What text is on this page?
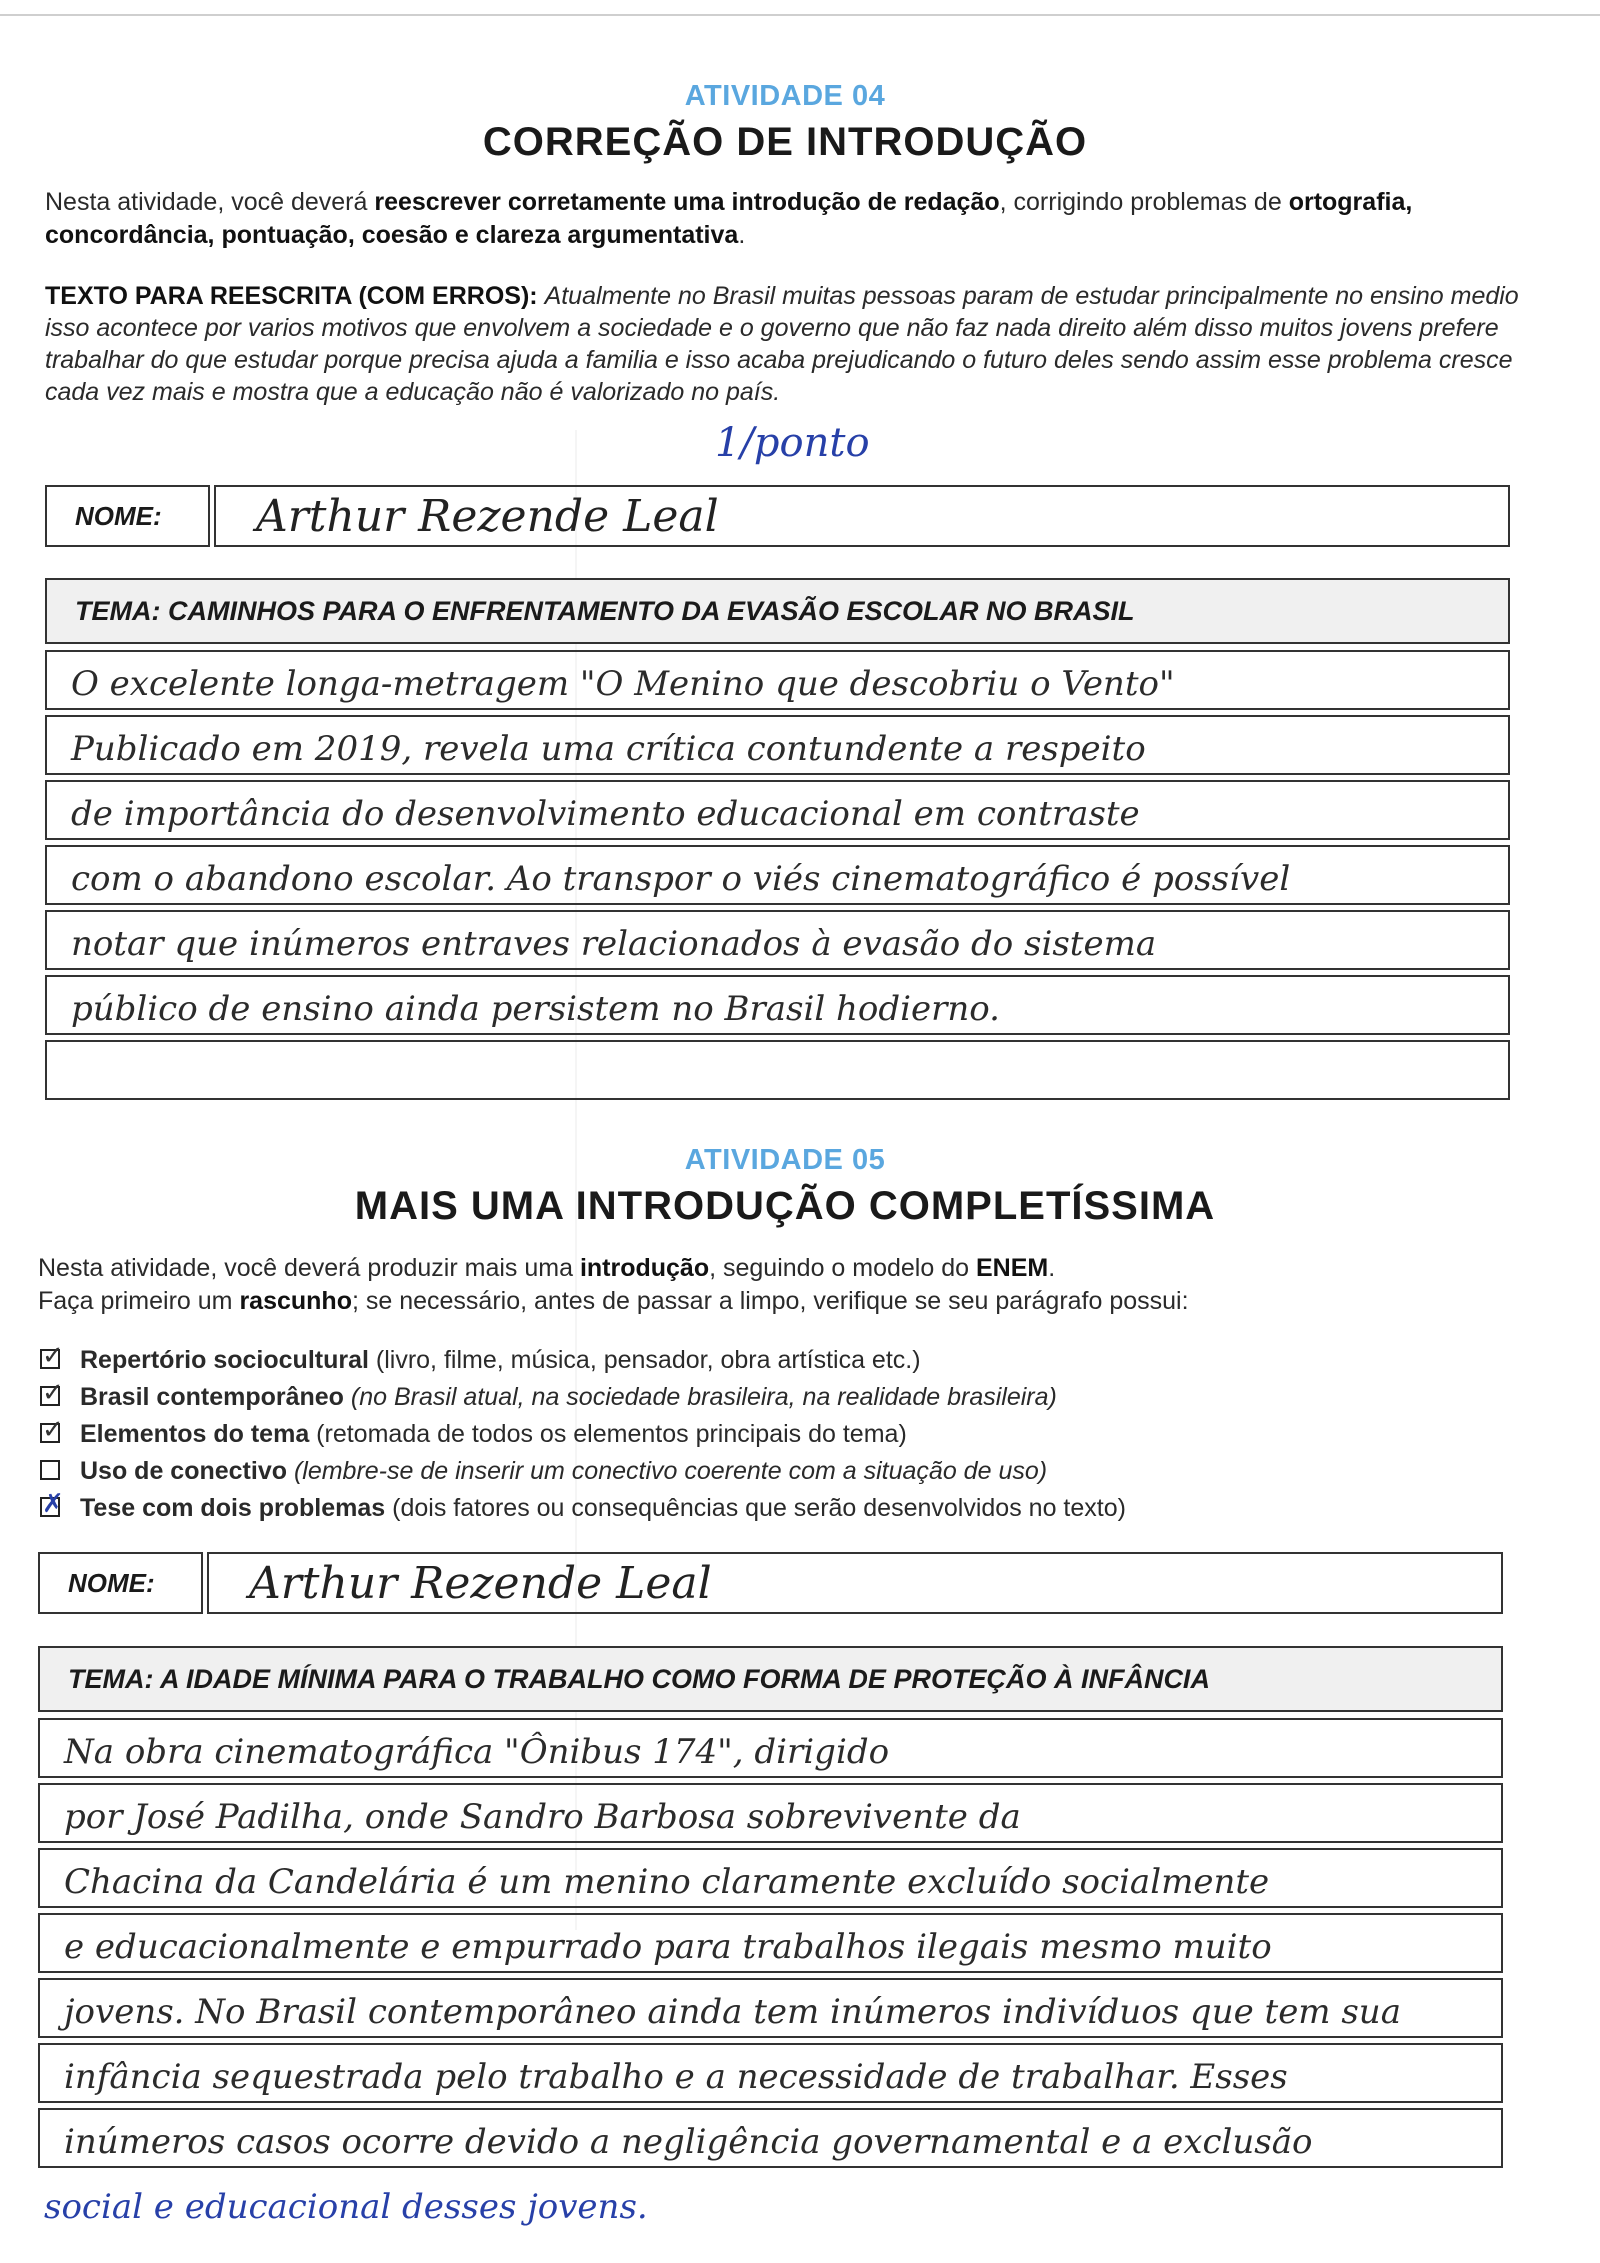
ATIVIDADE 04
CORREÇÃO DE INTRODUÇÃO
Nesta atividade, você deverá reescrever corretamente uma introdução de redação, corrigindo problemas de ortografia, concordância, pontuação, coesão e clareza argumentativa.
TEXTO PARA REESCRITA (COM ERROS): Atualmente no Brasil muitas pessoas param de estudar principalmente no ensino medio isso acontece por varios motivos que envolvem a sociedade e o governo que não faz nada direito além disso muitos jovens prefere trabalhar do que estudar porque precisa ajuda a familia e isso acaba prejudicando o futuro deles sendo assim esse problema cresce cada vez mais e mostra que a educação não é valorizado no país.
1/ponto
NOME:	Arthur Rezende Leal
TEMA: CAMINHOS PARA O ENFRENTAMENTO DA EVASÃO ESCOLAR NO BRASIL
O excelente longa-metragem "O Menino que descobriu o Vento"
Publicado em 2019, revela uma crítica contundente a respeito
de importância do desenvolvimento educacional em contraste
com o abandono escolar. Ao transpor o viés cinematográfico é possível
notar que inúmeros entraves relacionados à evasão do sistema
público de ensino ainda persistem no Brasil hodierno.
ATIVIDADE 05
MAIS UMA INTRODUÇÃO COMPLETÍSSIMA
Nesta atividade, você deverá produzir mais uma introdução, seguindo o modelo do ENEM.
Faça primeiro um rascunho; se necessário, antes de passar a limpo, verifique se seu parágrafo possui:
✓Repertório sociocultural (livro, filme, música, pensador, obra artística etc.)
✓Brasil contemporâneo (no Brasil atual, na sociedade brasileira, na realidade brasileira)
✓Elementos do tema (retomada de todos os elementos principais do tema)
Uso de conectivo (lembre-se de inserir um conectivo coerente com a situação de uso)
✗Tese com dois problemas (dois fatores ou consequências que serão desenvolvidos no texto)
NOME:	Arthur Rezende Leal
TEMA: A IDADE MÍNIMA PARA O TRABALHO COMO FORMA DE PROTEÇÃO À INFÂNCIA
Na obra cinematográfica "Ônibus 174", dirigido
por José Padilha, onde Sandro Barbosa sobrevivente da
Chacina da Candelária é um menino claramente excluído socialmente
e educacionalmente e empurrado para trabalhos ilegais mesmo muito
jovens. No Brasil contemporâneo ainda tem inúmeros indivíduos que tem sua
infância sequestrada pelo trabalho e a necessidade de trabalhar. Esses
inúmeros casos ocorre devido a negligência governamental e a exclusão
social e educacional desses jovens.
